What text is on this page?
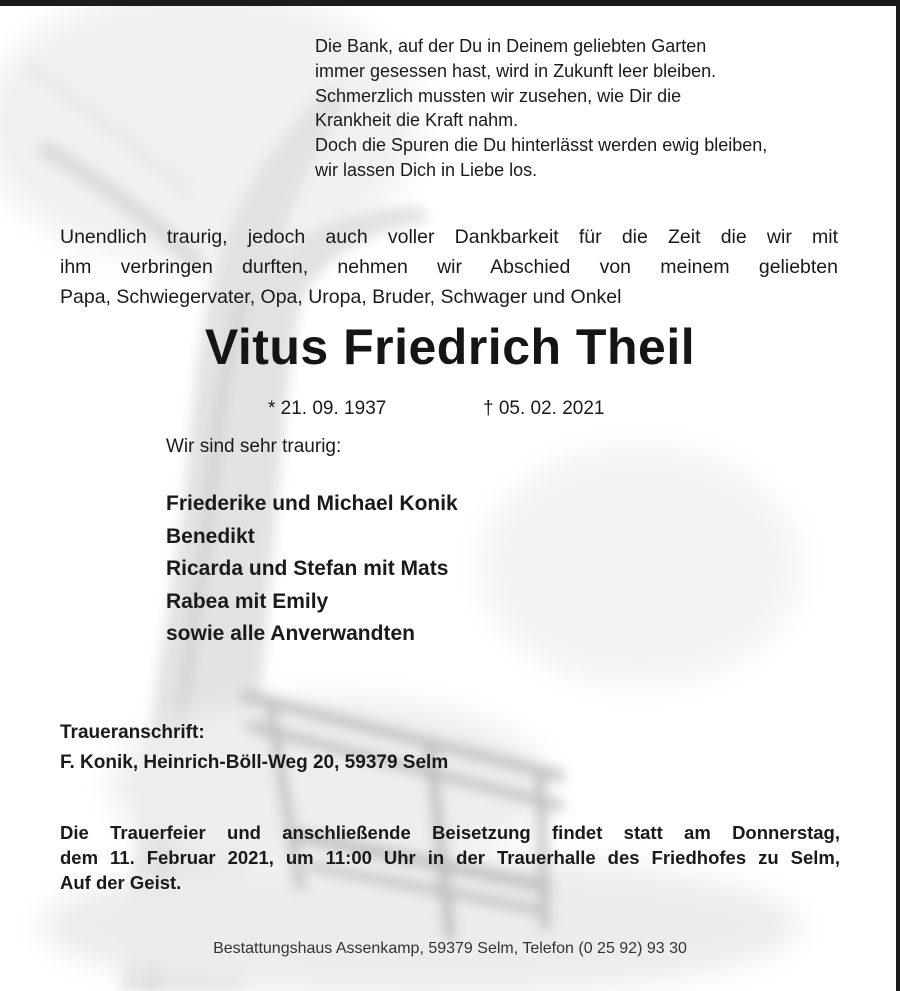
Die Bank, auf der Du in Deinem geliebten Garten
immer gesessen hast, wird in Zukunft leer bleiben.
Schmerzlich mussten wir zusehen, wie Dir die
Krankheit die Kraft nahm.
Doch die Spuren die Du hinterlässt werden ewig bleiben,
wir lassen Dich in Liebe los.
Unendlich traurig, jedoch auch voller Dankbarkeit für die Zeit die wir mit
ihm verbringen durften, nehmen wir Abschied von meinem geliebten
Papa, Schwiegervater, Opa, Uropa, Bruder, Schwager und Onkel
Vitus Friedrich Theil
* 21. 09. 1937	† 05. 02. 2021
Wir sind sehr traurig:
Friederike und Michael Konik
Benedikt
Ricarda und Stefan mit Mats
Rabea mit Emily
sowie alle Anverwandten
Traueranschrift:
F. Konik, Heinrich-Böll-Weg 20, 59379 Selm
Die Trauerfeier und anschließende Beisetzung findet statt am Donnerstag,
dem 11. Februar 2021, um 11:00 Uhr in der Trauerhalle des Friedhofes zu Selm,
Auf der Geist.
Bestattungshaus Assenkamp, 59379 Selm, Telefon (0 25 92) 93 30
